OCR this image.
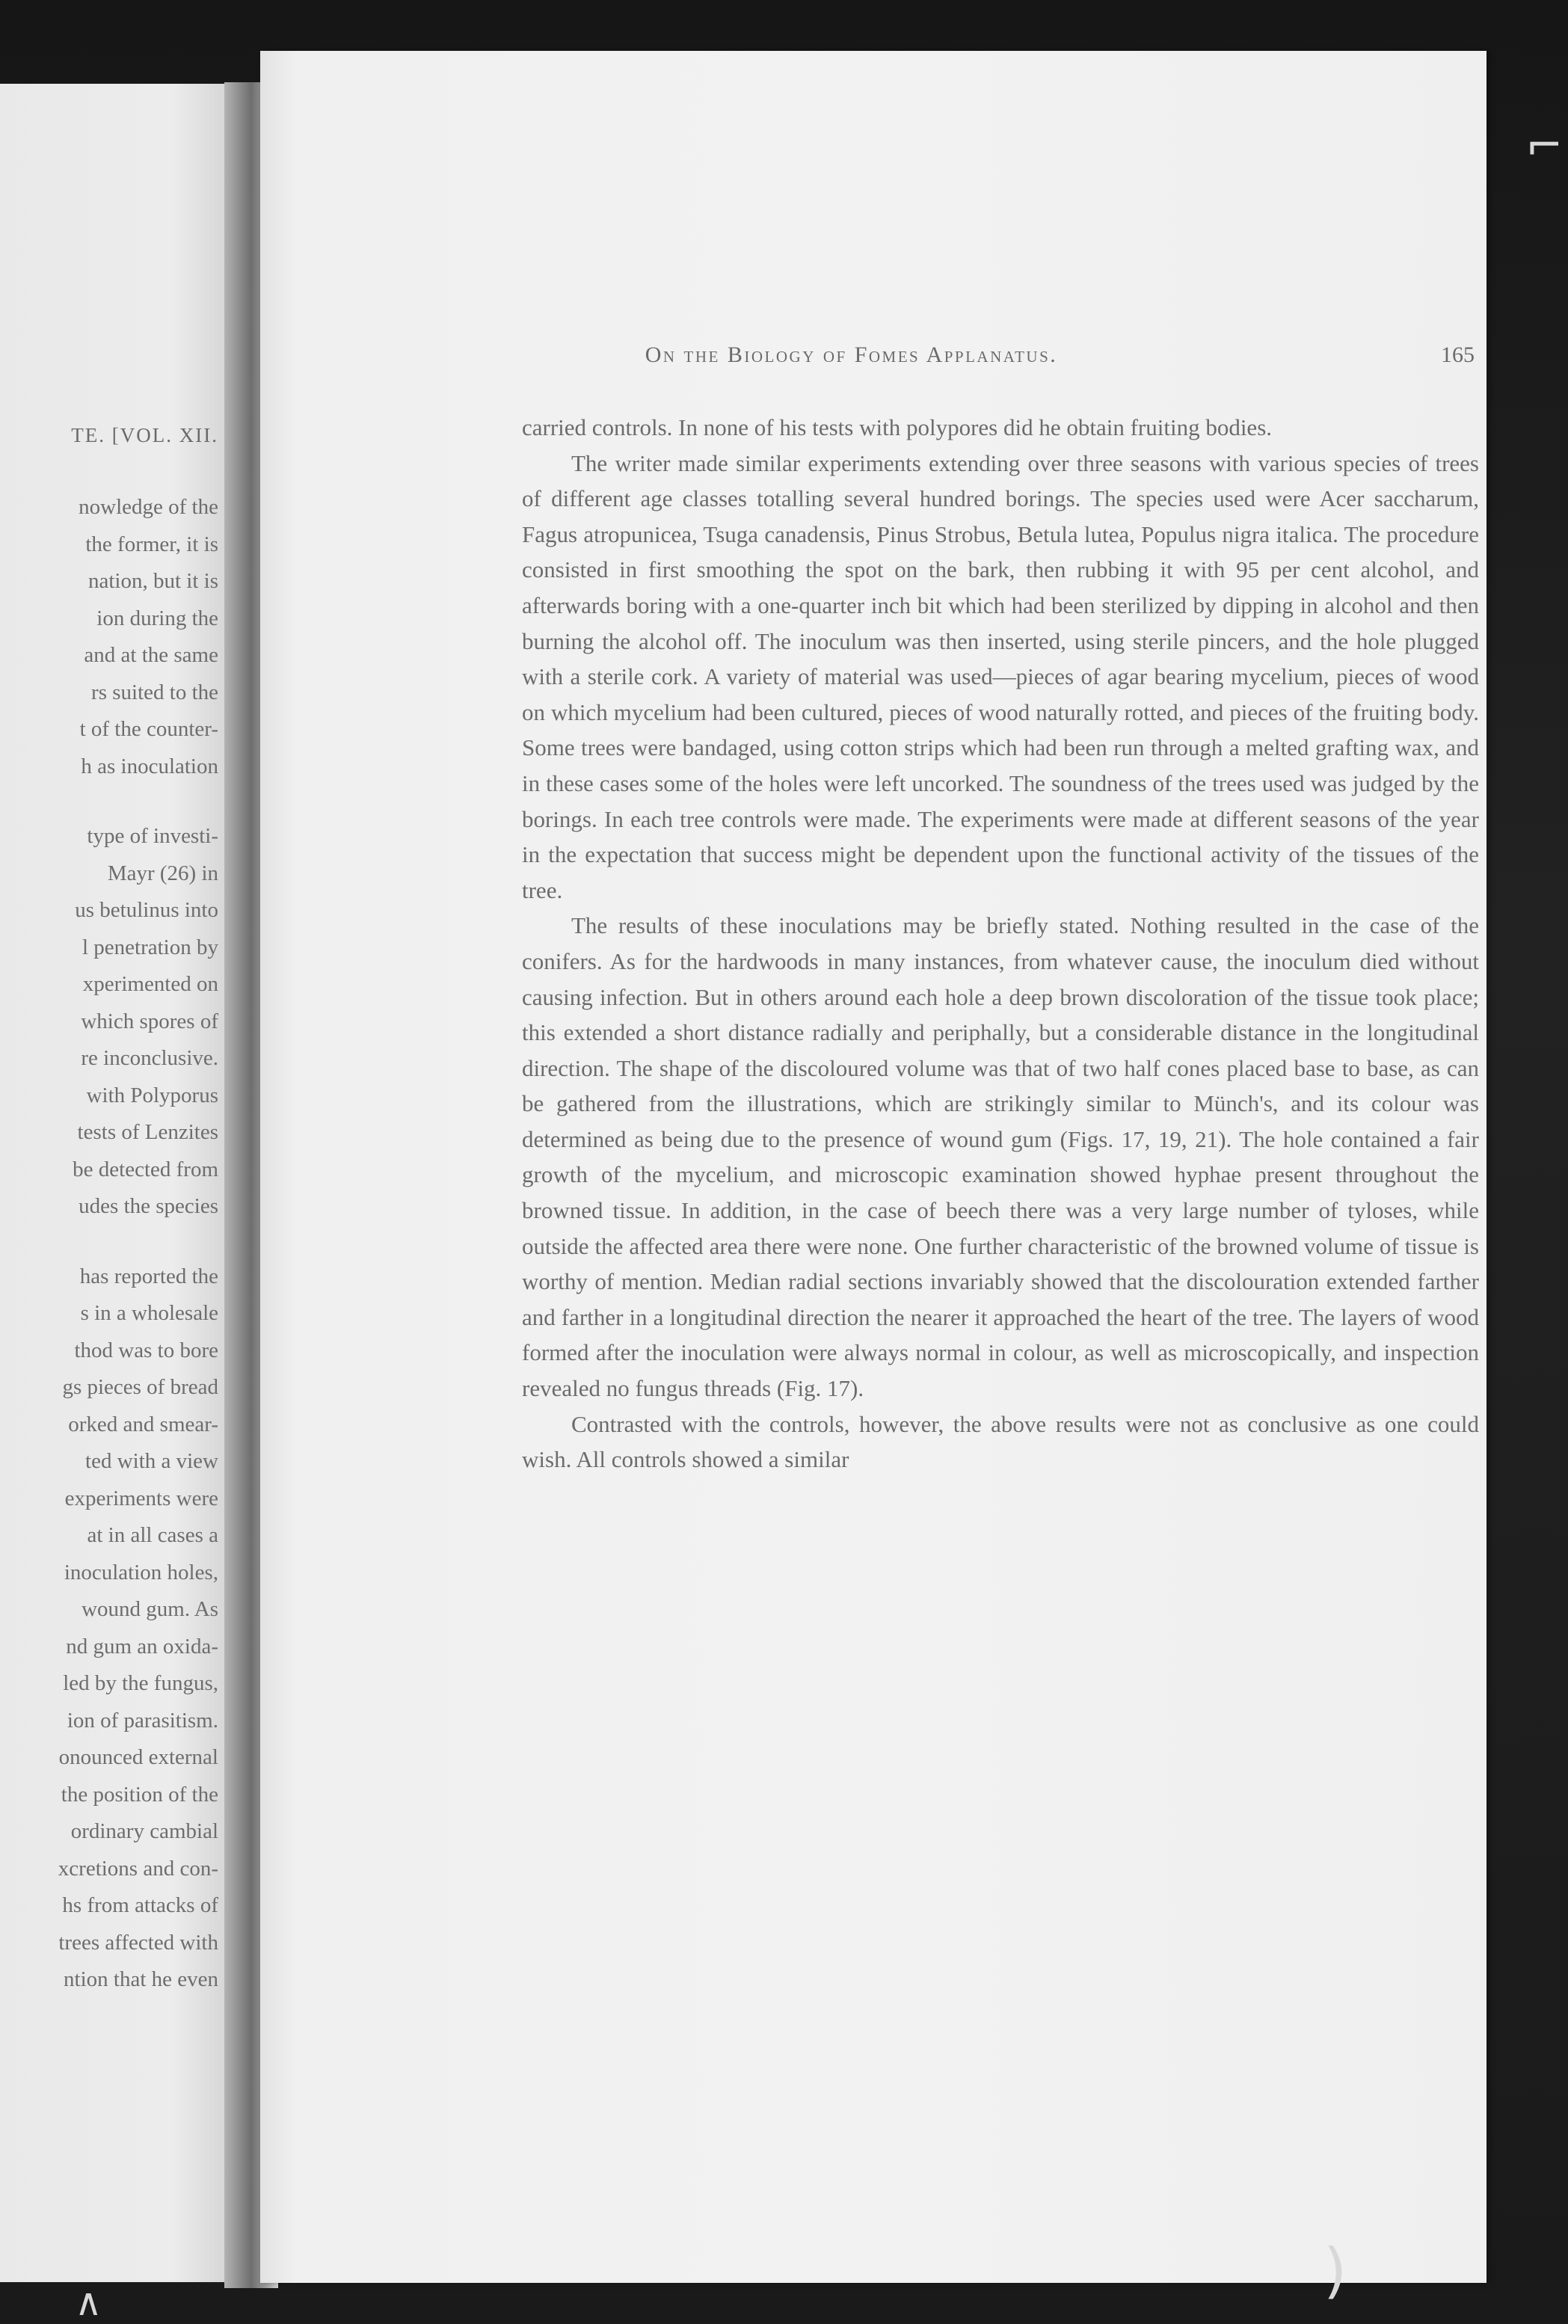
TE. [VOL. XII.
nowledge of the
the former, it is
nation, but it is
ion during the
and at the same
rs suited to the
t of the counter-
h as inoculation
type of investi-
Mayr (26) in
us betulinus into
l penetration by
xperimented on
which spores of
re inconclusive.
with Polyporus
tests of Lenzites
be detected from
udes the species
has reported the
s in a wholesale
thod was to bore
gs pieces of bread
orked and smear-
ted with a view
experiments were
at in all cases a
inoculation holes,
wound gum. As
nd gum an oxida-
led by the fungus,
ion of parasitism.
onounced external
the position of the
ordinary cambial
xcretions and con-
hs from attacks of
trees affected with
ntion that he even
On the Biology of Fomes Applanatus.	165

carried controls. In none of his tests with polypores did he obtain fruiting bodies.

The writer made similar experiments extending over three seasons with various species of trees of different age classes totalling several hundred borings. The species used were Acer saccharum, Fagus atropunicea, Tsuga canadensis, Pinus Strobus, Betula lutea, Populus nigra italica. The procedure consisted in first smoothing the spot on the bark, then rubbing it with 95 per cent alcohol, and afterwards boring with a one-quarter inch bit which had been sterilized by dipping in alcohol and then burning the alcohol off. The inoculum was then inserted, using sterile pincers, and the hole plugged with a sterile cork. A variety of material was used—pieces of agar bearing mycelium, pieces of wood on which mycelium had been cultured, pieces of wood naturally rotted, and pieces of the fruiting body. Some trees were bandaged, using cotton strips which had been run through a melted grafting wax, and in these cases some of the holes were left uncorked. The soundness of the trees used was judged by the borings. In each tree controls were made. The experiments were made at different seasons of the year in the expectation that success might be dependent upon the functional activity of the tissues of the tree.

The results of these inoculations may be briefly stated. Nothing resulted in the case of the conifers. As for the hardwoods in many instances, from whatever cause, the inoculum died without causing infection. But in others around each hole a deep brown discoloration of the tissue took place; this extended a short distance radially and periphally, but a considerable distance in the longitudinal direction. The shape of the discoloured volume was that of two half cones placed base to base, as can be gathered from the illustrations, which are strikingly similar to Münch's, and its colour was determined as being due to the presence of wound gum (Figs. 17, 19, 21). The hole contained a fair growth of the mycelium, and microscopic examination showed hyphae present throughout the browned tissue. In addition, in the case of beech there was a very large number of tyloses, while outside the affected area there were none. One further characteristic of the browned volume of tissue is worthy of mention. Median radial sections invariably showed that the discolouration extended farther and farther in a longitudinal direction the nearer it approached the heart of the tree. The layers of wood formed after the inoculation were always normal in colour, as well as microscopically, and inspection revealed no fungus threads (Fig. 17).

Contrasted with the controls, however, the above results were not as conclusive as one could wish. All controls showed a similar

⌐
)
∧
